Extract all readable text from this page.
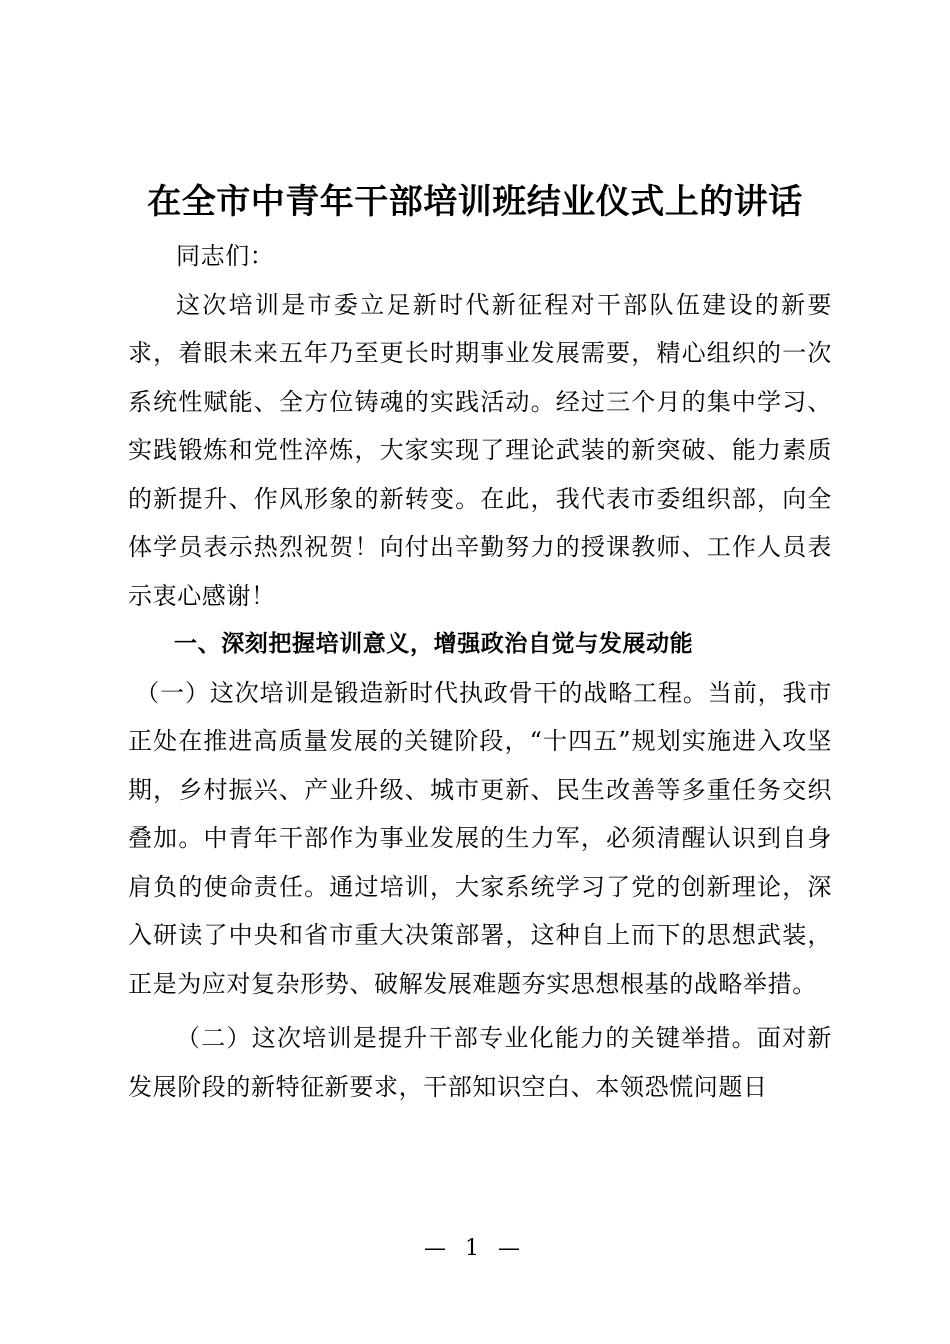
在全市中青年干部培训班结业仪式上的讲话

同志们：

这次培训是市委立足新时代新征程对干部队伍建设的新要求，着眼未来五年乃至更长时期事业发展需要，精心组织的一次系统性赋能、全方位铸魂的实践活动。经过三个月的集中学习、实践锻炼和党性淬炼，大家实现了理论武装的新突破、能力素质的新提升、作风形象的新转变。在此，我代表市委组织部，向全体学员表示热烈祝贺！向付出辛勤努力的授课教师、工作人员表示衷心感谢！

一、深刻把握培训意义，增强政治自觉与发展动能

（一）这次培训是锻造新时代执政骨干的战略工程。当前，我市正处在推进高质量发展的关键阶段，“十四五”规划实施进入攻坚期，乡村振兴、产业升级、城市更新、民生改善等多重任务交织叠加。中青年干部作为事业发展的生力军，必须清醒认识到自身肩负的使命责任。通过培训，大家系统学习了党的创新理论，深入研读了中央和省市重大决策部署，这种自上而下的思想武装，正是为应对复杂形势、破解发展难题夯实思想根基的战略举措。

（二）这次培训是提升干部专业化能力的关键举措。面对新发展阶段的新特征新要求，干部知识空白、本领恐慌问题日

— 1 —
